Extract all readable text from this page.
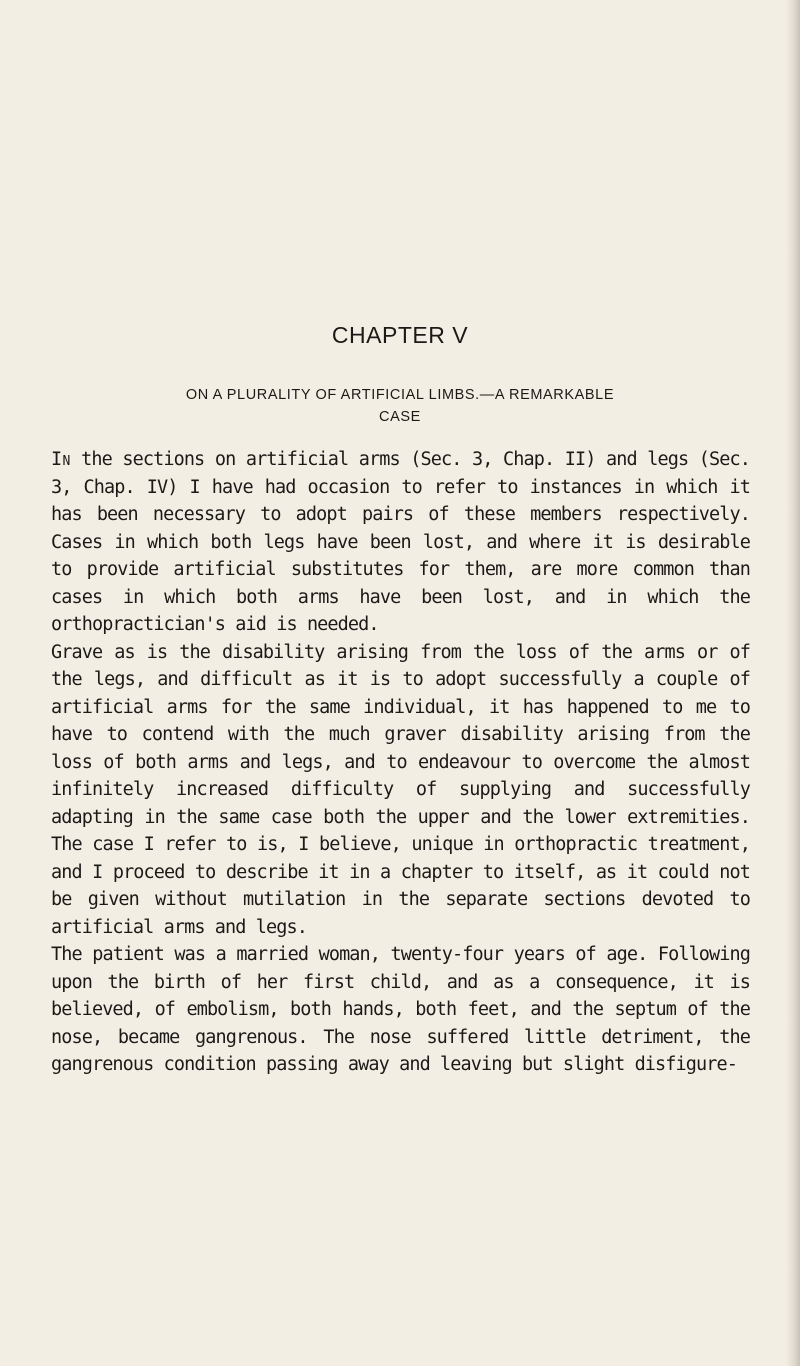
CHAPTER V
ON A PLURALITY OF ARTIFICIAL LIMBS.—A REMARKABLE
CASE

In the sections on artificial arms (Sec. 3, Chap. II) and legs (Sec. 3, Chap. IV) I have had occasion to refer to instances in which it has been necessary to adopt pairs of these members respectively. Cases in which both legs have been lost, and where it is desirable to provide artificial substitutes for them, are more common than cases in which both arms have been lost, and in which the orthopractician's aid is needed.

Grave as is the disability arising from the loss of the arms or of the legs, and difficult as it is to adopt successfully a couple of artificial arms for the same individual, it has happened to me to have to contend with the much graver disability arising from the loss of both arms and legs, and to endeavour to overcome the almost infinitely increased difficulty of supplying and successfully adapting in the same case both the upper and the lower extremities. The case I refer to is, I believe, unique in orthopractic treatment, and I proceed to describe it in a chapter to itself, as it could not be given without mutilation in the separate sections devoted to artificial arms and legs.

The patient was a married woman, twenty-four years of age. Following upon the birth of her first child, and as a consequence, it is believed, of embolism, both hands, both feet, and the septum of the nose, became gangrenous. The nose suffered little detriment, the gangrenous condition passing away and leaving but slight disfigure-
